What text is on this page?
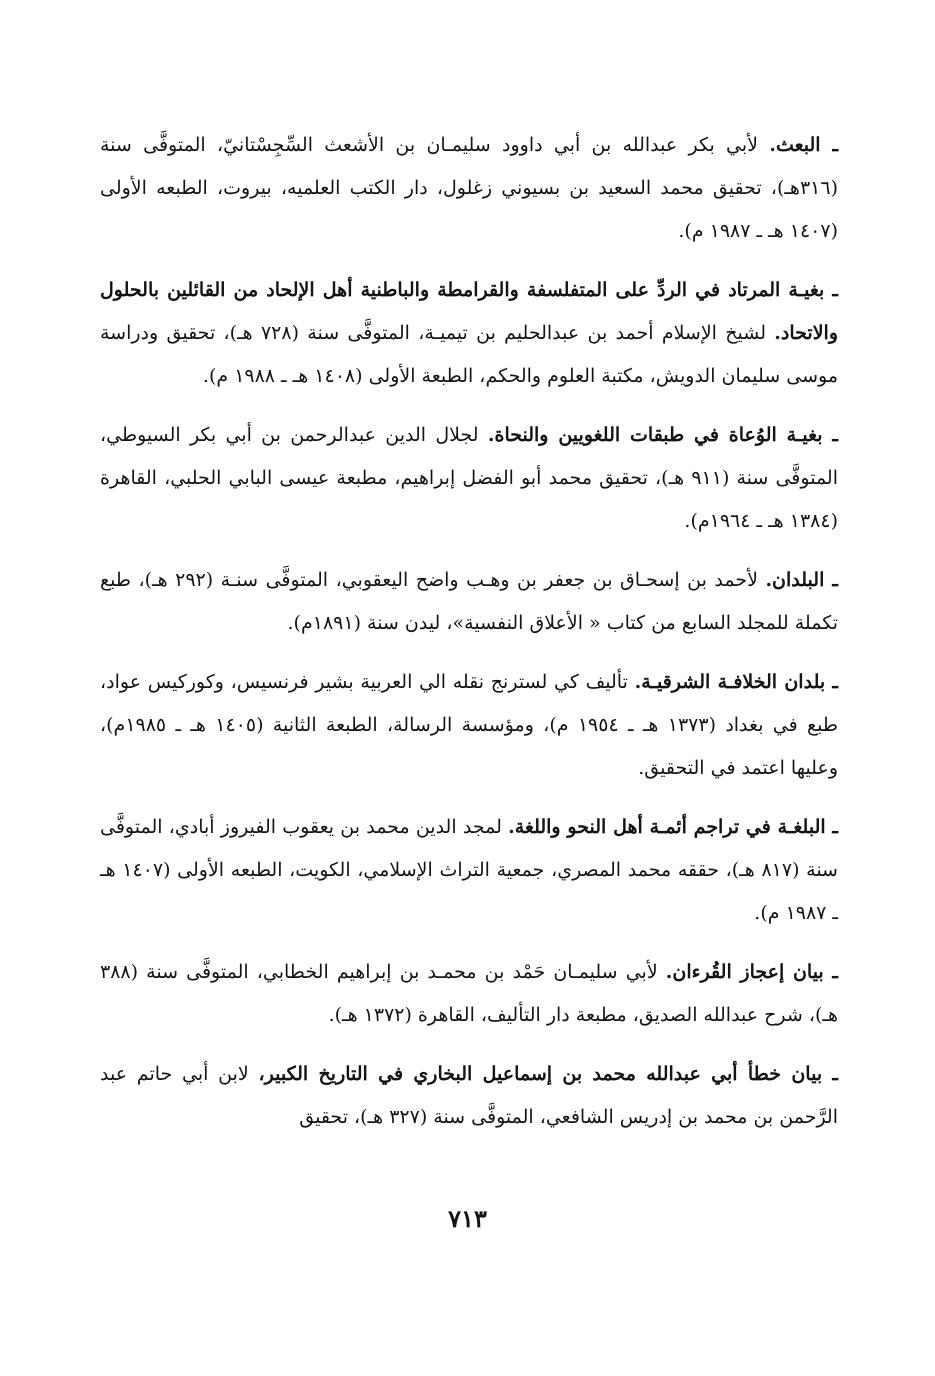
ـ البعث. لأبي بكر عبدالله بن أبي داوود سليمـان بن الأشعث السِّجِسْتانيّ، المتوفَّى سنة (٣١٦هـ)، تحقيق محمد السعيد بن بسيوني زغلول، دار الكتب العلميه، بيروت، الطبعه الأولى (١٤٠٧ هـ ـ ١٩٨٧ م).

ـ بغيـة المرتاد في الردِّ على المتفلسفة والقرامطة والباطنية أهل الإلحاد من القائلين بالحلول والاتحاد. لشيخ الإسلام أحمد بن عبدالحليم بن تيميـة، المتوفَّى سنة (٧٢٨ هـ)، تحقيق ودراسة موسى سليمان الدويش، مكتبة العلوم والحكم، الطبعة الأولى (١٤٠٨ هـ ـ ١٩٨٨ م).

ـ بغيـة الوُعاة في طبقات اللغويين والنحاة. لجلال الدين عبدالرحمن بن أبي بكر السيوطي، المتوفَّى سنة (٩١١ هـ)، تحقيق محمد أبو الفضل إبراهيم، مطبعة عيسى البابي الحلبي، القاهرة (١٣٨٤ هـ ـ ١٩٦٤م).

ـ البلدان. لأحمد بن إسحـاق بن جعفر بن وهـب واضح اليعقوبي، المتوفَّى سنـة (٢٩٢ هـ)، طبع تكملة للمجلد السابع من كتاب « الأعلاق النفسية»، ليدن سنة (١٨٩١م).

ـ بلدان الخلافـة الشرقيـة. تأليف كي لسترنج نقله الي العربية بشير فرنسيس، وكوركيس عواد، طبع في بغداد (١٣٧٣ هـ ـ ١٩٥٤ م)، ومؤسسة الرسالة، الطبعة الثانية (١٤٠٥ هـ ـ ١٩٨٥م)، وعليها اعتمد في التحقيق.

ـ البلغـة في تراجم أئمـة أهل النحو واللغة. لمجد الدين محمد بن يعقوب الفيروز أبادي، المتوفَّى سنة (٨١٧ هـ)، حققه محمد المصري، جمعية التراث الإسلامي، الكويت، الطبعه الأولى (١٤٠٧ هـ ـ ١٩٨٧ م).

ـ بيان إعجاز القُرءان. لأبي سليمـان حَمْد بن محمـد بن إبراهيم الخطابي، المتوفَّى سنة (٣٨٨ هـ)، شرح عبدالله الصديق، مطبعة دار التأليف، القاهرة (١٣٧٢ هـ).

ـ بيان خطأ أبي عبدالله محمد بن إسماعيل البخاري في التاريخ الكبير، لابن أبي حاتم عبد الرَّحمن بن محمد بن إدريس الشافعي، المتوفَّى سنة (٣٢٧ هـ)، تحقيق

٧١٣
